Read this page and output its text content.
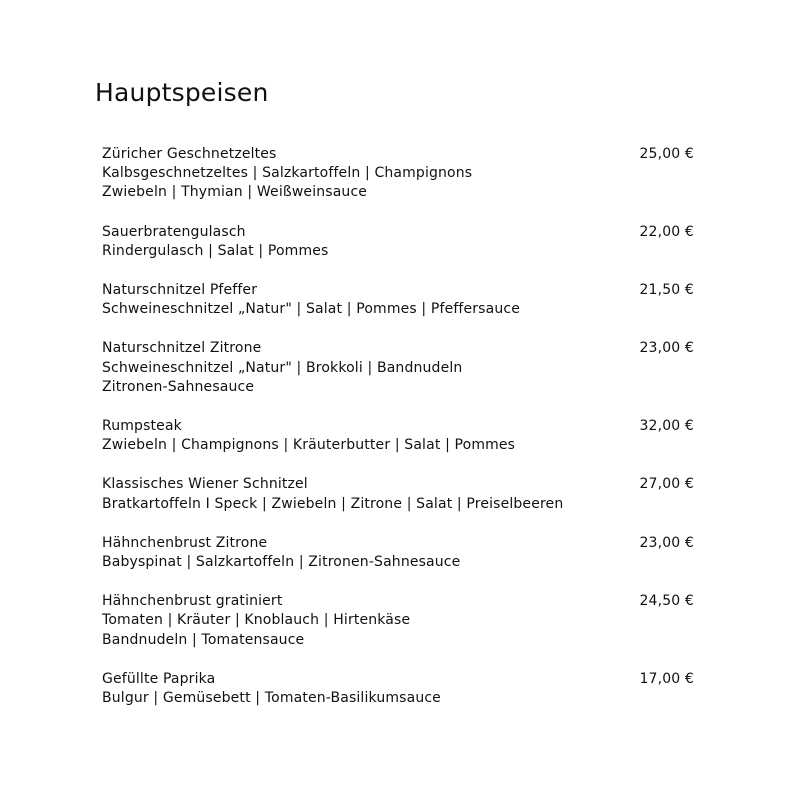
Hauptspeisen
Züricher Geschnetzeltes	25,00 €
Kalbsgeschnetzeltes | Salzkartoffeln | Champignons
Zwiebeln | Thymian | Weißweinsauce
Sauerbratengulasch	22,00 €
Rindergulasch | Salat | Pommes
Naturschnitzel Pfeffer	21,50 €
Schweineschnitzel „Natur" | Salat | Pommes | Pfeffersauce
Naturschnitzel Zitrone	23,00 €
Schweineschnitzel „Natur" | Brokkoli | Bandnudeln
Zitronen-Sahnesauce
Rumpsteak	32,00 €
Zwiebeln | Champignons | Kräuterbutter | Salat | Pommes
Klassisches Wiener Schnitzel	27,00 €
Bratkartoffeln I Speck | Zwiebeln | Zitrone | Salat | Preiselbeeren
Hähnchenbrust Zitrone	23,00 €
Babyspinat | Salzkartoffeln | Zitronen-Sahnesauce
Hähnchenbrust gratiniert	24,50 €
Tomaten | Kräuter | Knoblauch | Hirtenkäse
Bandnudeln | Tomatensauce
Gefüllte Paprika	17,00 €
Bulgur | Gemüsebett | Tomaten-Basilikumsauce
